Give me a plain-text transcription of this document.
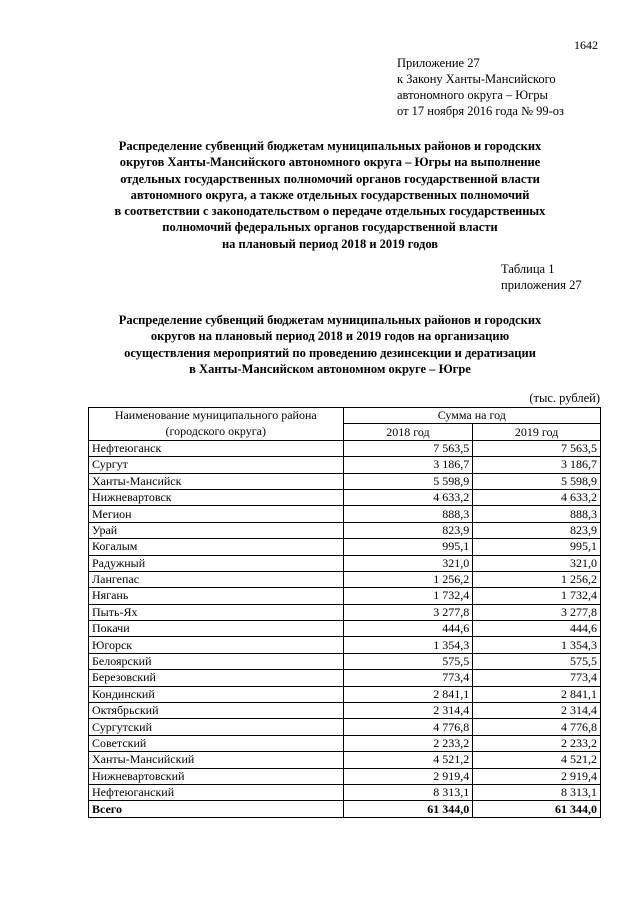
1642
Приложение 27
к Закону Ханты-Мансийского
автономного округа – Югры
от 17 ноября 2016 года № 99-оз
Распределение субвенций бюджетам муниципальных районов и городских
округов Ханты-Мансийского автономного округа – Югры на выполнение
отдельных государственных полномочий органов государственной власти
автономного округа, а также отдельных государственных полномочий
в соответствии с законодательством о передаче отдельных государственных
полномочий федеральных органов государственной власти
на плановый период 2018 и 2019 годов
Таблица 1
приложения 27
Распределение субвенций бюджетам муниципальных районов и городских
округов на плановый период 2018 и 2019 годов на организацию
осуществления мероприятий по проведению дезинсекции и дератизации
в Ханты-Мансийском автономном округе – Югре
(тыс. рублей)
Наименование муниципального района (городского округа)	Сумма на год	
	2018 год	2019 год
Нефтеюганск	7 563,5	7 563,5
Сургут	3 186,7	3 186,7
Ханты-Мансийск	5 598,9	5 598,9
Нижневартовск	4 633,2	4 633,2
Мегион	888,3	888,3
Урай	823,9	823,9
Когалым	995,1	995,1
Радужный	321,0	321,0
Лангепас	1 256,2	1 256,2
Нягань	1 732,4	1 732,4
Пыть-Ях	3 277,8	3 277,8
Покачи	444,6	444,6
Югорск	1 354,3	1 354,3
Белоярский	575,5	575,5
Березовский	773,4	773,4
Кондинский	2 841,1	2 841,1
Октябрьский	2 314,4	2 314,4
Сургутский	4 776,8	4 776,8
Советский	2 233,2	2 233,2
Ханты-Мансийский	4 521,2	4 521,2
Нижневартовский	2 919,4	2 919,4
Нефтеюганский	8 313,1	8 313,1
Всего	61 344,0	61 344,0
